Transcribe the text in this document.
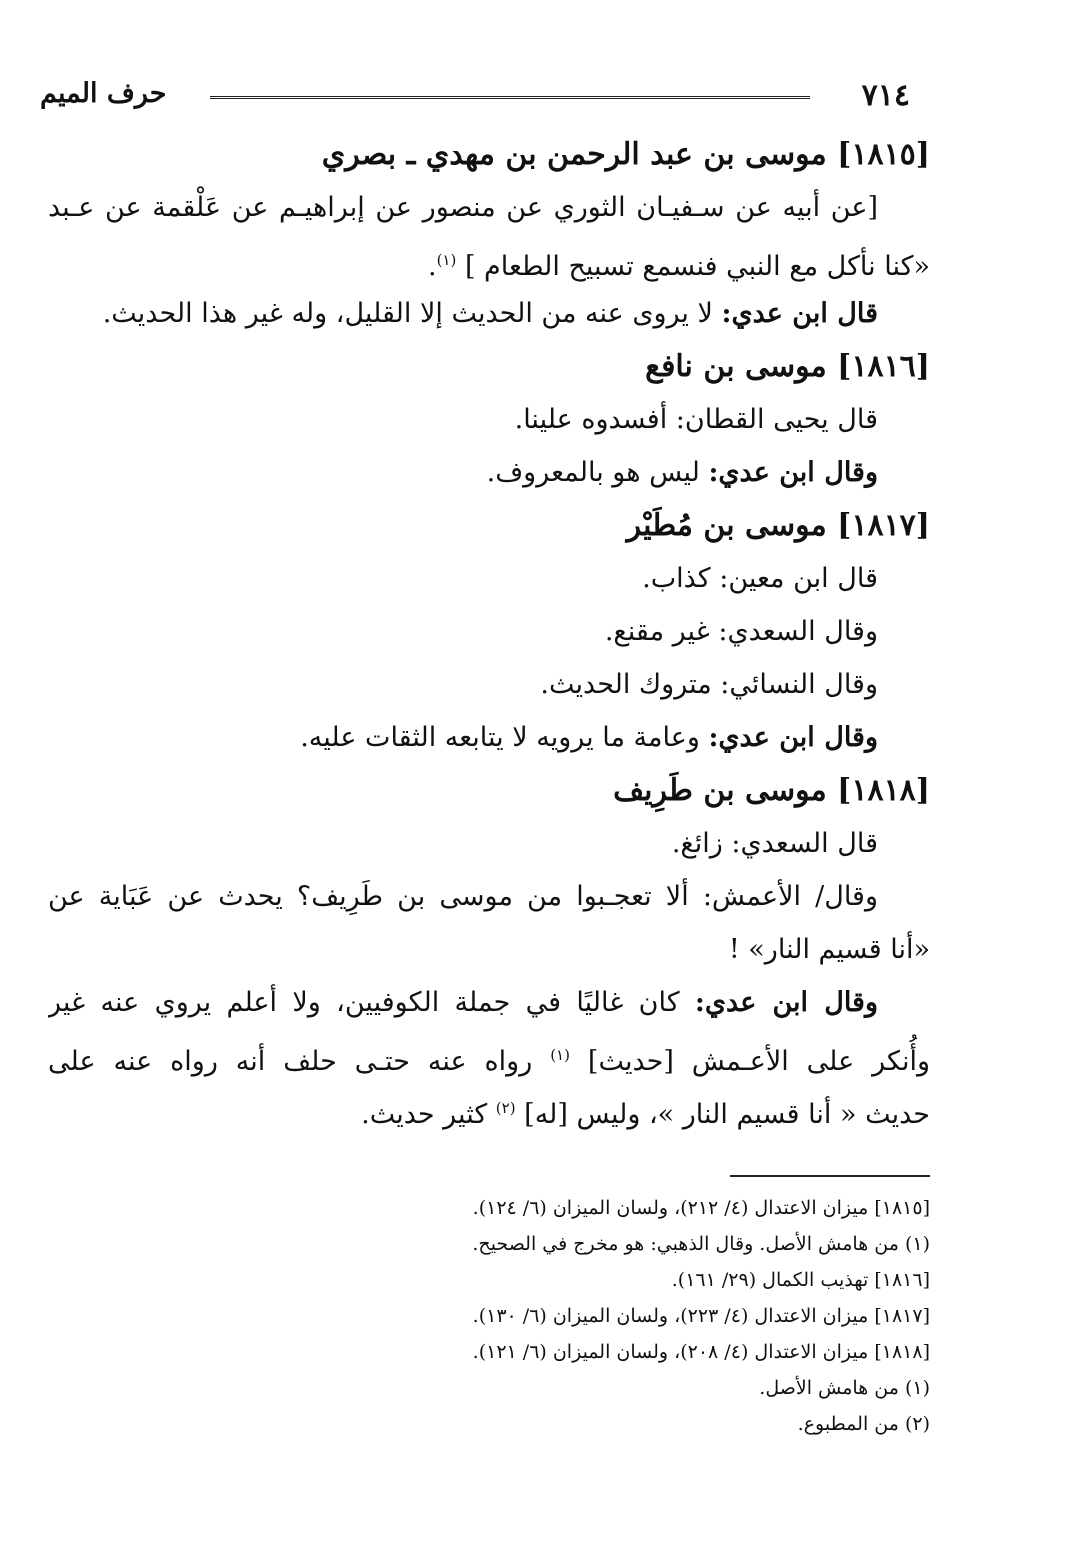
٧١٤
حرف الميم
[١٨١٥] موسى بن عبد الرحمن بن مهدي ـ بصري
[عن أبيه عن سـفيـان الثوري عن منصور عن إبراهيـم عن عَلْقمة عن عـبد
«كنا نأكل مع النبي فنسمع تسبيح الطعام ] $^{(١)}$.
قال ابن عدي: لا يروى عنه من الحديث إلا القليل، وله غير هذا الحديث.
[١٨١٦] موسى بن نافع
قال يحيى القطان: أفسدوه علينا.
وقال ابن عدي: ليس هو بالمعروف.
[١٨١٧] موسى بن مُطَيْر
قال ابن معين: كذاب.
وقال السعدي: غير مقنع.
وقال النسائي: متروك الحديث.
وقال ابن عدي: وعامة ما يرويه لا يتابعه الثقات عليه.
[١٨١٨] موسى بن طَرِيف
قال السعدي: زائغ.
وقال/ الأعمش: ألا تعجـبوا من موسى بن طَرِيف؟ يحدث عن عَبَاية عن
«أنا قسيم النار» !
وقال ابن عدي: كان غاليًا في جملة الكوفيين، ولا أعلم يروي عنه غير
وأُنكر على الأعـمش [حديث] $^{(١)}$ رواه عنه حتـى حلف أنه رواه عنه على
حديث « أنا قسيم النار »، وليس [له] $^{(٢)}$ كثير حديث.
[١٨١٥] ميزان الاعتدال (٤/ ٢١٢)، ولسان الميزان (٦/ ١٢٤).
(١) من هامش الأصل. وقال الذهبي: هو مخرج في الصحيح.
[١٨١٦] تهذيب الكمال (٢٩/ ١٦١).
[١٨١٧] ميزان الاعتدال (٤/ ٢٢٣)، ولسان الميزان (٦/ ١٣٠).
[١٨١٨] ميزان الاعتدال (٤/ ٢٠٨)، ولسان الميزان (٦/ ١٢١).
(١) من هامش الأصل.
(٢) من المطبوع.
